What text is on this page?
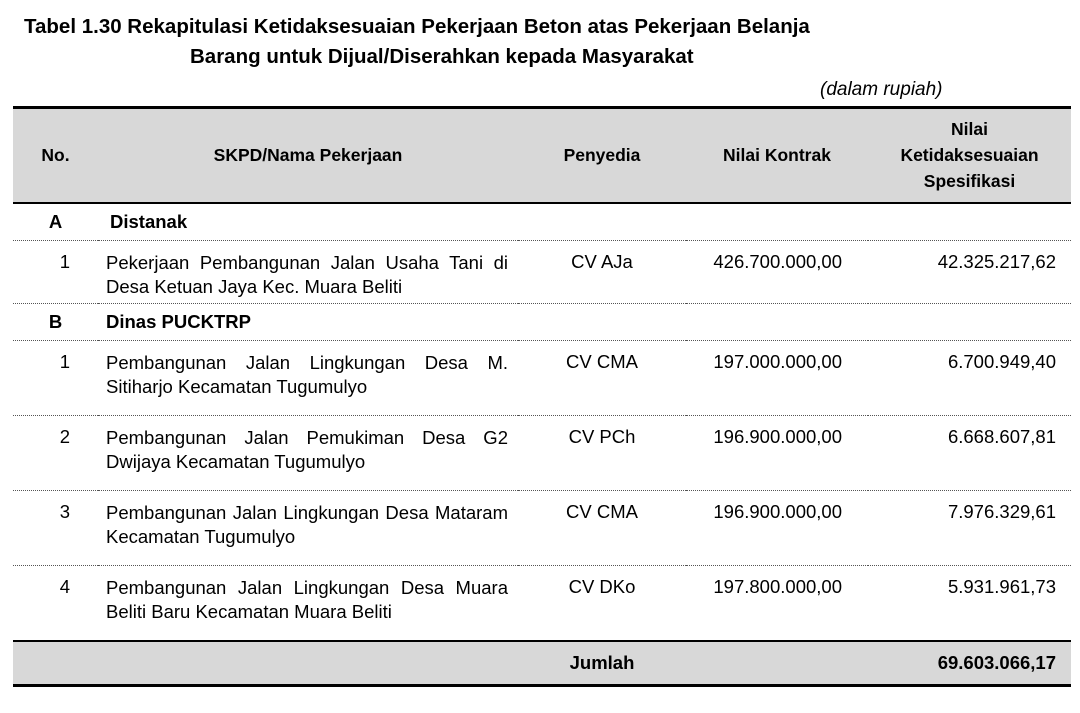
Tabel 1.30 Rekapitulasi Ketidaksesuaian Pekerjaan Beton atas Pekerjaan Belanja
Barang untuk Dijual/Diserahkan kepada Masyarakat
(dalam rupiah)
No.	SKPD/Nama Pekerjaan	Penyedia	Nilai Kontrak	Nilai
Ketidaksesuaian
Spesifikasi
A	Distanak			
1	Pekerjaan Pembangunan Jalan Usaha Tani di Desa Ketuan Jaya Kec. Muara Beliti	CV AJa	426.700.000,00	42.325.217,62
B	Dinas PUCKTRP			
1	Pembangunan Jalan Lingkungan Desa M. Sitiharjo Kecamatan Tugumulyo	CV CMA	197.000.000,00	6.700.949,40
2	Pembangunan Jalan Pemukiman Desa G2 Dwijaya Kecamatan Tugumulyo	CV PCh	196.900.000,00	6.668.607,81
3	Pembangunan Jalan Lingkungan Desa Mataram Kecamatan Tugumulyo	CV CMA	196.900.000,00	7.976.329,61
4	Pembangunan Jalan Lingkungan Desa Muara Beliti Baru Kecamatan Muara Beliti	CV DKo	197.800.000,00	5.931.961,73
		Jumlah		69.603.066,17
